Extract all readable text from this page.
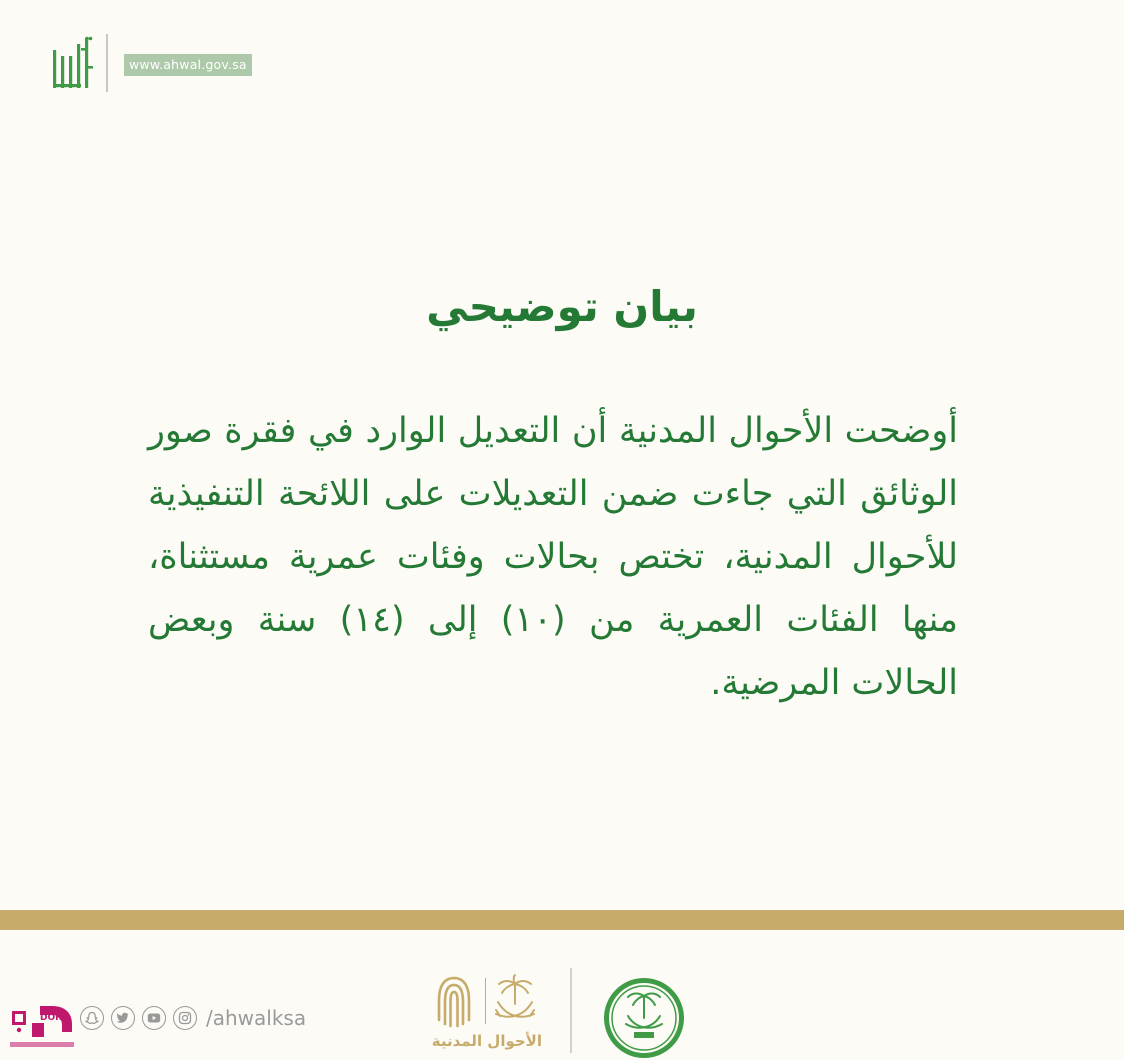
www.ahwal.gov.sa
بيان توضيحي

أوضحت الأحوال المدنية أن التعديل الوارد في فقرة صور الوثائق التي جاءت ضمن التعديلات على اللائحة التنفيذية للأحوال المدنية، تختص بحالات وفئات عمرية مستثناة، منها الفئات العمرية من (١٠) إلى (١٤) سنة وبعض الحالات المرضية.

الأحوال المدنية
/ahwalksa
DORA
